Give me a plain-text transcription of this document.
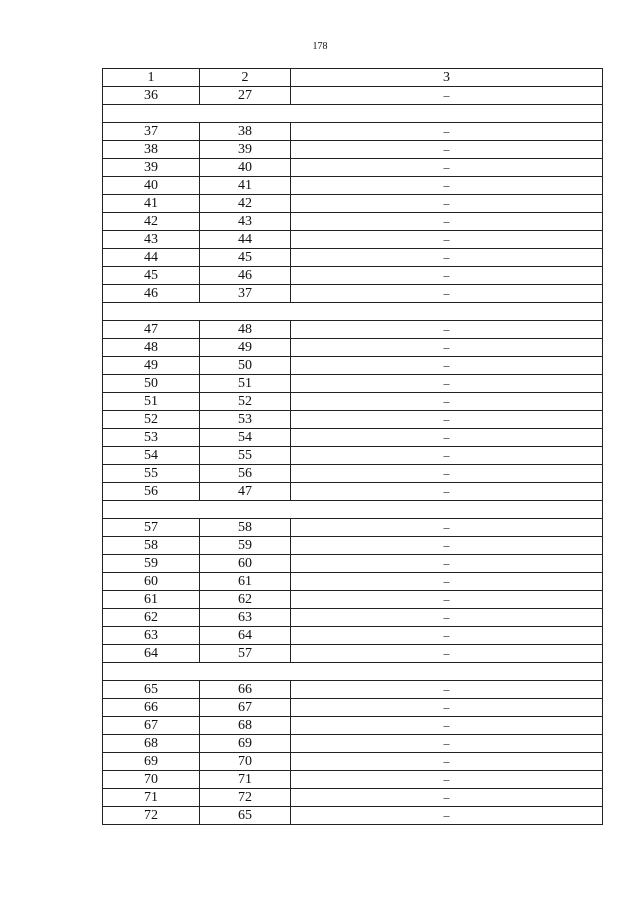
178
1	2	3
36	27	–

37	38	–
38	39	–
39	40	–
40	41	–
41	42	–
42	43	–
43	44	–
44	45	–
45	46	–
46	37	–

47	48	–
48	49	–
49	50	–
50	51	–
51	52	–
52	53	–
53	54	–
54	55	–
55	56	–
56	47	–

57	58	–
58	59	–
59	60	–
60	61	–
61	62	–
62	63	–
63	64	–
64	57	–

65	66	–
66	67	–
67	68	–
68	69	–
69	70	–
70	71	–
71	72	–
72	65	–
